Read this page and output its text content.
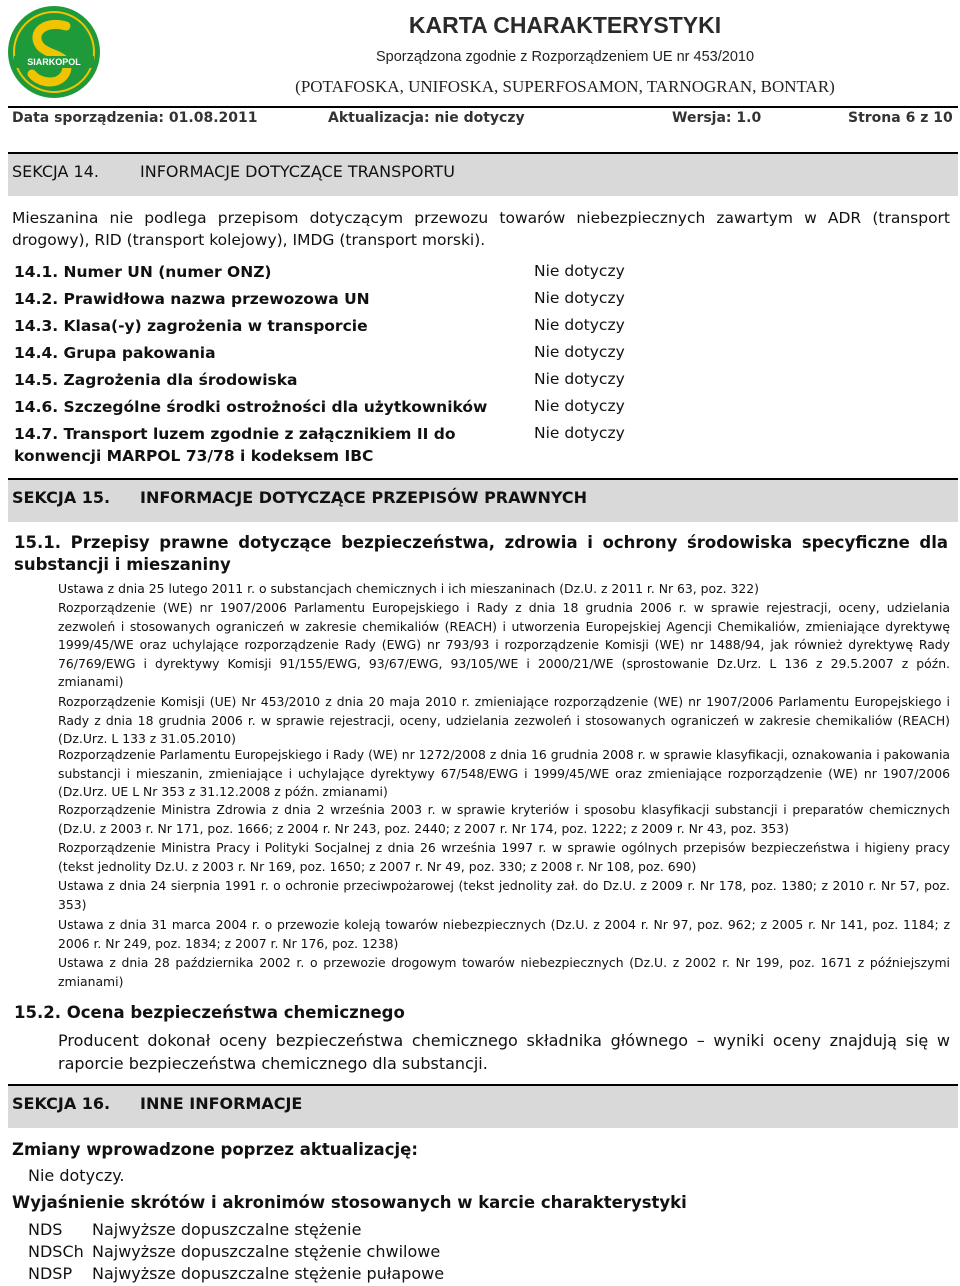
SIARKOPOL
KARTA CHARAKTERYSTYKI
Sporządzona zgodnie z Rozporządzeniem UE nr 453/2010
(POTAFOSKA, UNIFOSKA, SUPERFOSAMON, TARNOGRAN, BONTAR)
Data sporządzenia: 01.08.2011	Aktualizacja: nie dotyczy	Wersja: 1.0	Strona 6 z 10
SEKCJA 14.	INFORMACJE DOTYCZĄCE TRANSPORTU
Mieszanina nie podlega przepisom dotyczącym przewozu towarów niebezpiecznych zawartym w ADR (transport drogowy), RID (transport kolejowy), IMDG (transport morski).
14.1. Numer UN (numer ONZ)	Nie dotyczy
14.2. Prawidłowa nazwa przewozowa UN	Nie dotyczy
14.3. Klasa(-y) zagrożenia w transporcie	Nie dotyczy
14.4. Grupa pakowania	Nie dotyczy
14.5. Zagrożenia dla środowiska	Nie dotyczy
14.6. Szczególne środki ostrożności dla użytkowników	Nie dotyczy
14.7. Transport luzem zgodnie z załącznikiem II do konwencji MARPOL 73/78 i kodeksem IBC
Nie dotyczy
SEKCJA 15. INFORMACJE DOTYCZĄCE PRZEPISÓW PRAWNYCH
15.1. Przepisy prawne dotyczące bezpieczeństwa, zdrowia i ochrony środowiska specyficzne dla substancji i mieszaniny
Ustawa z dnia 25 lutego 2011 r. o substancjach chemicznych i ich mieszaninach (Dz.U. z 2011 r. Nr 63, poz. 322)
Rozporządzenie (WE) nr 1907/2006 Parlamentu Europejskiego i Rady z dnia 18 grudnia 2006 r. w sprawie rejestracji, oceny, udzielania zezwoleń i stosowanych ograniczeń w zakresie chemikaliów (REACH) i utworzenia Europejskiej Agencji Chemikaliów, zmieniające dyrektywę 1999/45/WE oraz uchylające rozporządzenie Rady (EWG) nr 793/93 i rozporządzenie Komisji (WE) nr 1488/94, jak również dyrektywę Rady 76/769/EWG i dyrektywy Komisji 91/155/EWG, 93/67/EWG, 93/105/WE i 2000/21/WE (sprostowanie Dz.Urz. L 136 z 29.5.2007 z późn. zmianami)
Rozporządzenie Komisji (UE) Nr 453/2010 z dnia 20 maja 2010 r. zmieniające rozporządzenie (WE) nr 1907/2006 Parlamentu Europejskiego i Rady z dnia 18 grudnia 2006 r. w sprawie rejestracji, oceny, udzielania zezwoleń i stosowanych ograniczeń w zakresie chemikaliów (REACH) (Dz.Urz. L 133 z 31.05.2010)
Rozporządzenie Parlamentu Europejskiego i Rady (WE) nr 1272/2008 z dnia 16 grudnia 2008 r. w sprawie klasyfikacji, oznakowania i pakowania substancji i mieszanin, zmieniające i uchylające dyrektywy 67/548/EWG i 1999/45/WE oraz zmieniające rozporządzenie (WE) nr 1907/2006 (Dz.Urz. UE L Nr 353 z 31.12.2008 z późn. zmianami)
Rozporządzenie Ministra Zdrowia z dnia 2 września 2003 r. w sprawie kryteriów i sposobu klasyfikacji substancji i preparatów chemicznych (Dz.U. z 2003 r. Nr 171, poz. 1666; z 2004 r. Nr 243, poz. 2440; z 2007 r. Nr 174, poz. 1222; z 2009 r. Nr 43, poz. 353)
Rozporządzenie Ministra Pracy i Polityki Socjalnej z dnia 26 września 1997 r. w sprawie ogólnych przepisów bezpieczeństwa i higieny pracy (tekst jednolity Dz.U. z 2003 r. Nr 169, poz. 1650; z 2007 r. Nr 49, poz. 330; z 2008 r. Nr 108, poz. 690)
Ustawa z dnia 24 sierpnia 1991 r. o ochronie przeciwpożarowej (tekst jednolity zał. do Dz.U. z 2009 r. Nr 178, poz. 1380; z 2010 r. Nr 57, poz. 353)
Ustawa z dnia 31 marca 2004 r. o przewozie koleją towarów niebezpiecznych (Dz.U. z 2004 r. Nr 97, poz. 962; z 2005 r. Nr 141, poz. 1184; z 2006 r. Nr 249, poz. 1834; z 2007 r. Nr 176, poz. 1238)
Ustawa z dnia 28 października 2002 r. o przewozie drogowym towarów niebezpiecznych (Dz.U. z 2002 r. Nr 199, poz. 1671 z późniejszymi zmianami)
15.2. Ocena bezpieczeństwa chemicznego
Producent dokonał oceny bezpieczeństwa chemicznego składnika głównego – wyniki oceny znajdują się w raporcie bezpieczeństwa chemicznego dla substancji.
SEKCJA 16. INNE INFORMACJE
Zmiany wprowadzone poprzez aktualizację:
Nie dotyczy.
Wyjaśnienie skrótów i akronimów stosowanych w karcie charakterystyki
NDS Najwyższe dopuszczalne stężenie
NDSCh Najwyższe dopuszczalne stężenie chwilowe
NDSP Najwyższe dopuszczalne stężenie pułapowe
